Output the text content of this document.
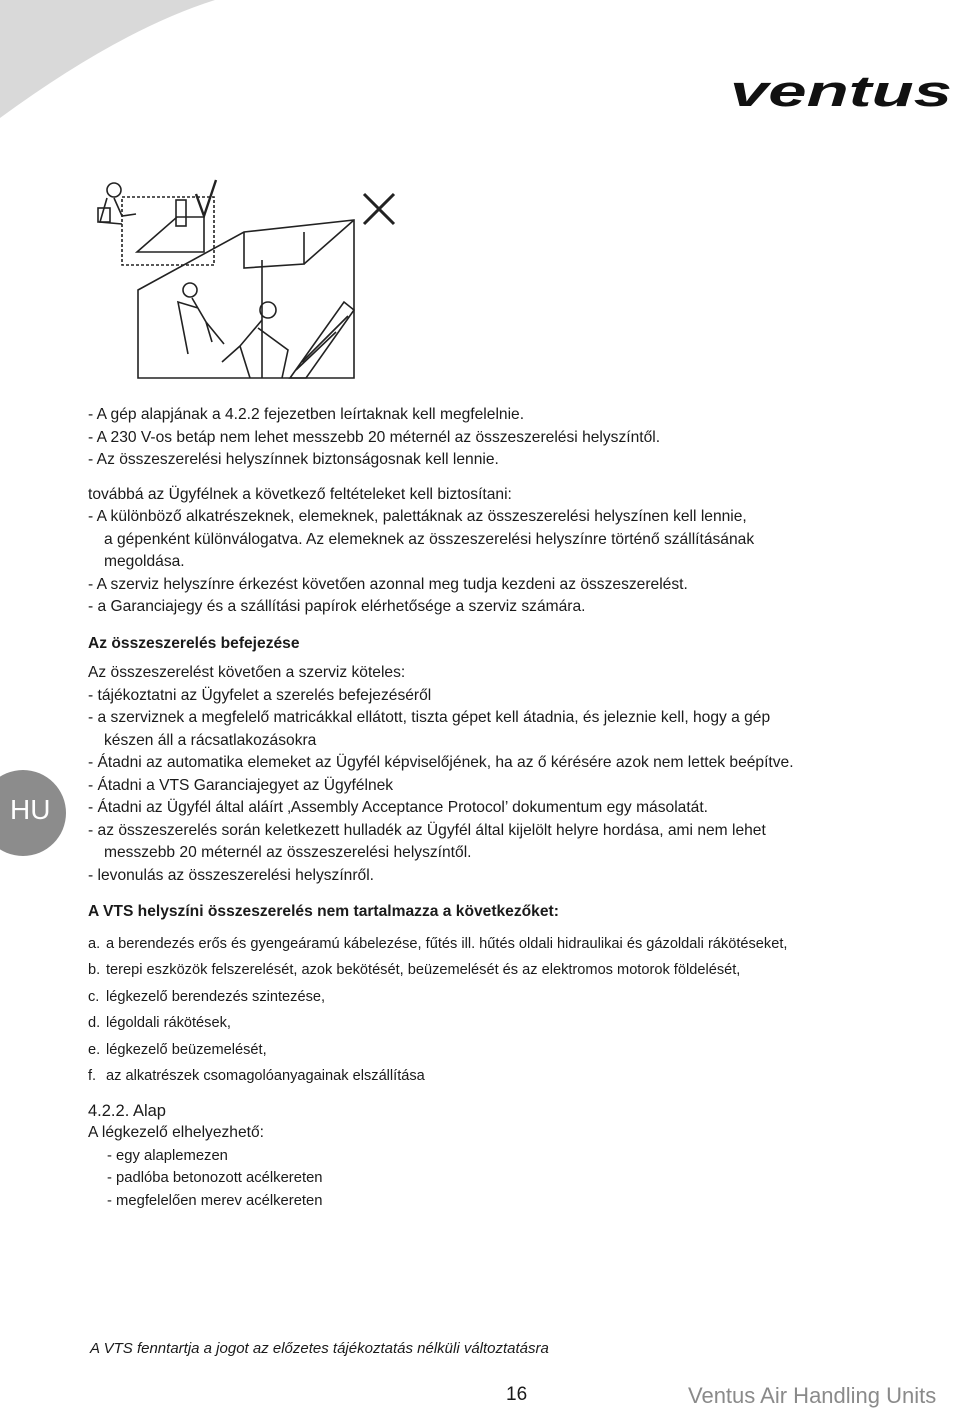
ventus
HU

- A gép alapjának a 4.2.2 fejezetben leírtaknak kell megfelelnie.

- A 230 V-os betáp nem lehet messzebb 20 méternél az összeszerelési helyszíntől.

- Az összeszerelési helyszínnek biztonságosnak kell lennie.

továbbá az Ügyfélnek a következő feltételeket kell biztosítani:

- A különböző alkatrészeknek, elemeknek, palettáknak az összeszerelési helyszínen kell lennie,

a gépenként különválogatva. Az elemeknek az összeszerelési helyszínre történő szállításának

megoldása.

- A szerviz helyszínre érkezést követően azonnal meg tudja kezdeni az összeszerelést.

- a Garanciajegy és a szállítási papírok elérhetősége a szerviz számára.

Az összeszerelés befejezése

Az összeszerelést követően a szerviz köteles:

- tájékoztatni az Ügyfelet a szerelés befejezéséről

- a szerviznek a megfelelő matricákkal ellátott, tiszta gépet kell átadnia, és jeleznie kell, hogy a gép

készen áll a rácsatlakozásokra

- Átadni az automatika elemeket az Ügyfél képviselőjének, ha az ő kérésére azok nem lettek beépítve.

- Átadni a VTS Garanciajegyet az Ügyfélnek

- Átadni az Ügyfél által aláírt ‚Assembly Acceptance Protocol’ dokumentum egy másolatát.

- az összeszerelés során keletkezett hulladék az Ügyfél által kijelölt helyre hordása, ami nem lehet

messzebb 20 méternél az összeszerelési helyszíntől.

- levonulás az összeszerelési helyszínről.

A VTS helyszíni összeszerelés nem tartalmazza a következőket:

a. a berendezés erős és gyengeáramú kábelezése, fűtés ill. hűtés oldali hidraulikai és gázoldali rákötéseket,
b. terepi eszközök felszerelését, azok bekötését, beüzemelését és az elektromos motorok földelését,
c. légkezelő berendezés szintezése,
d. légoldali rákötések,
e. légkezelő beüzemelését,
f. az alkatrészek csomagolóanyagainak elszállítása

4.2.2. Alap

A légkezelő elhelyezhető:

- egy alaplemezen

- padlóba betonozott acélkereten

- megfelelően merev acélkereten

A VTS fenntartja a jogot az előzetes tájékoztatás nélküli változtatásra
16	Ventus Air Handling Units
